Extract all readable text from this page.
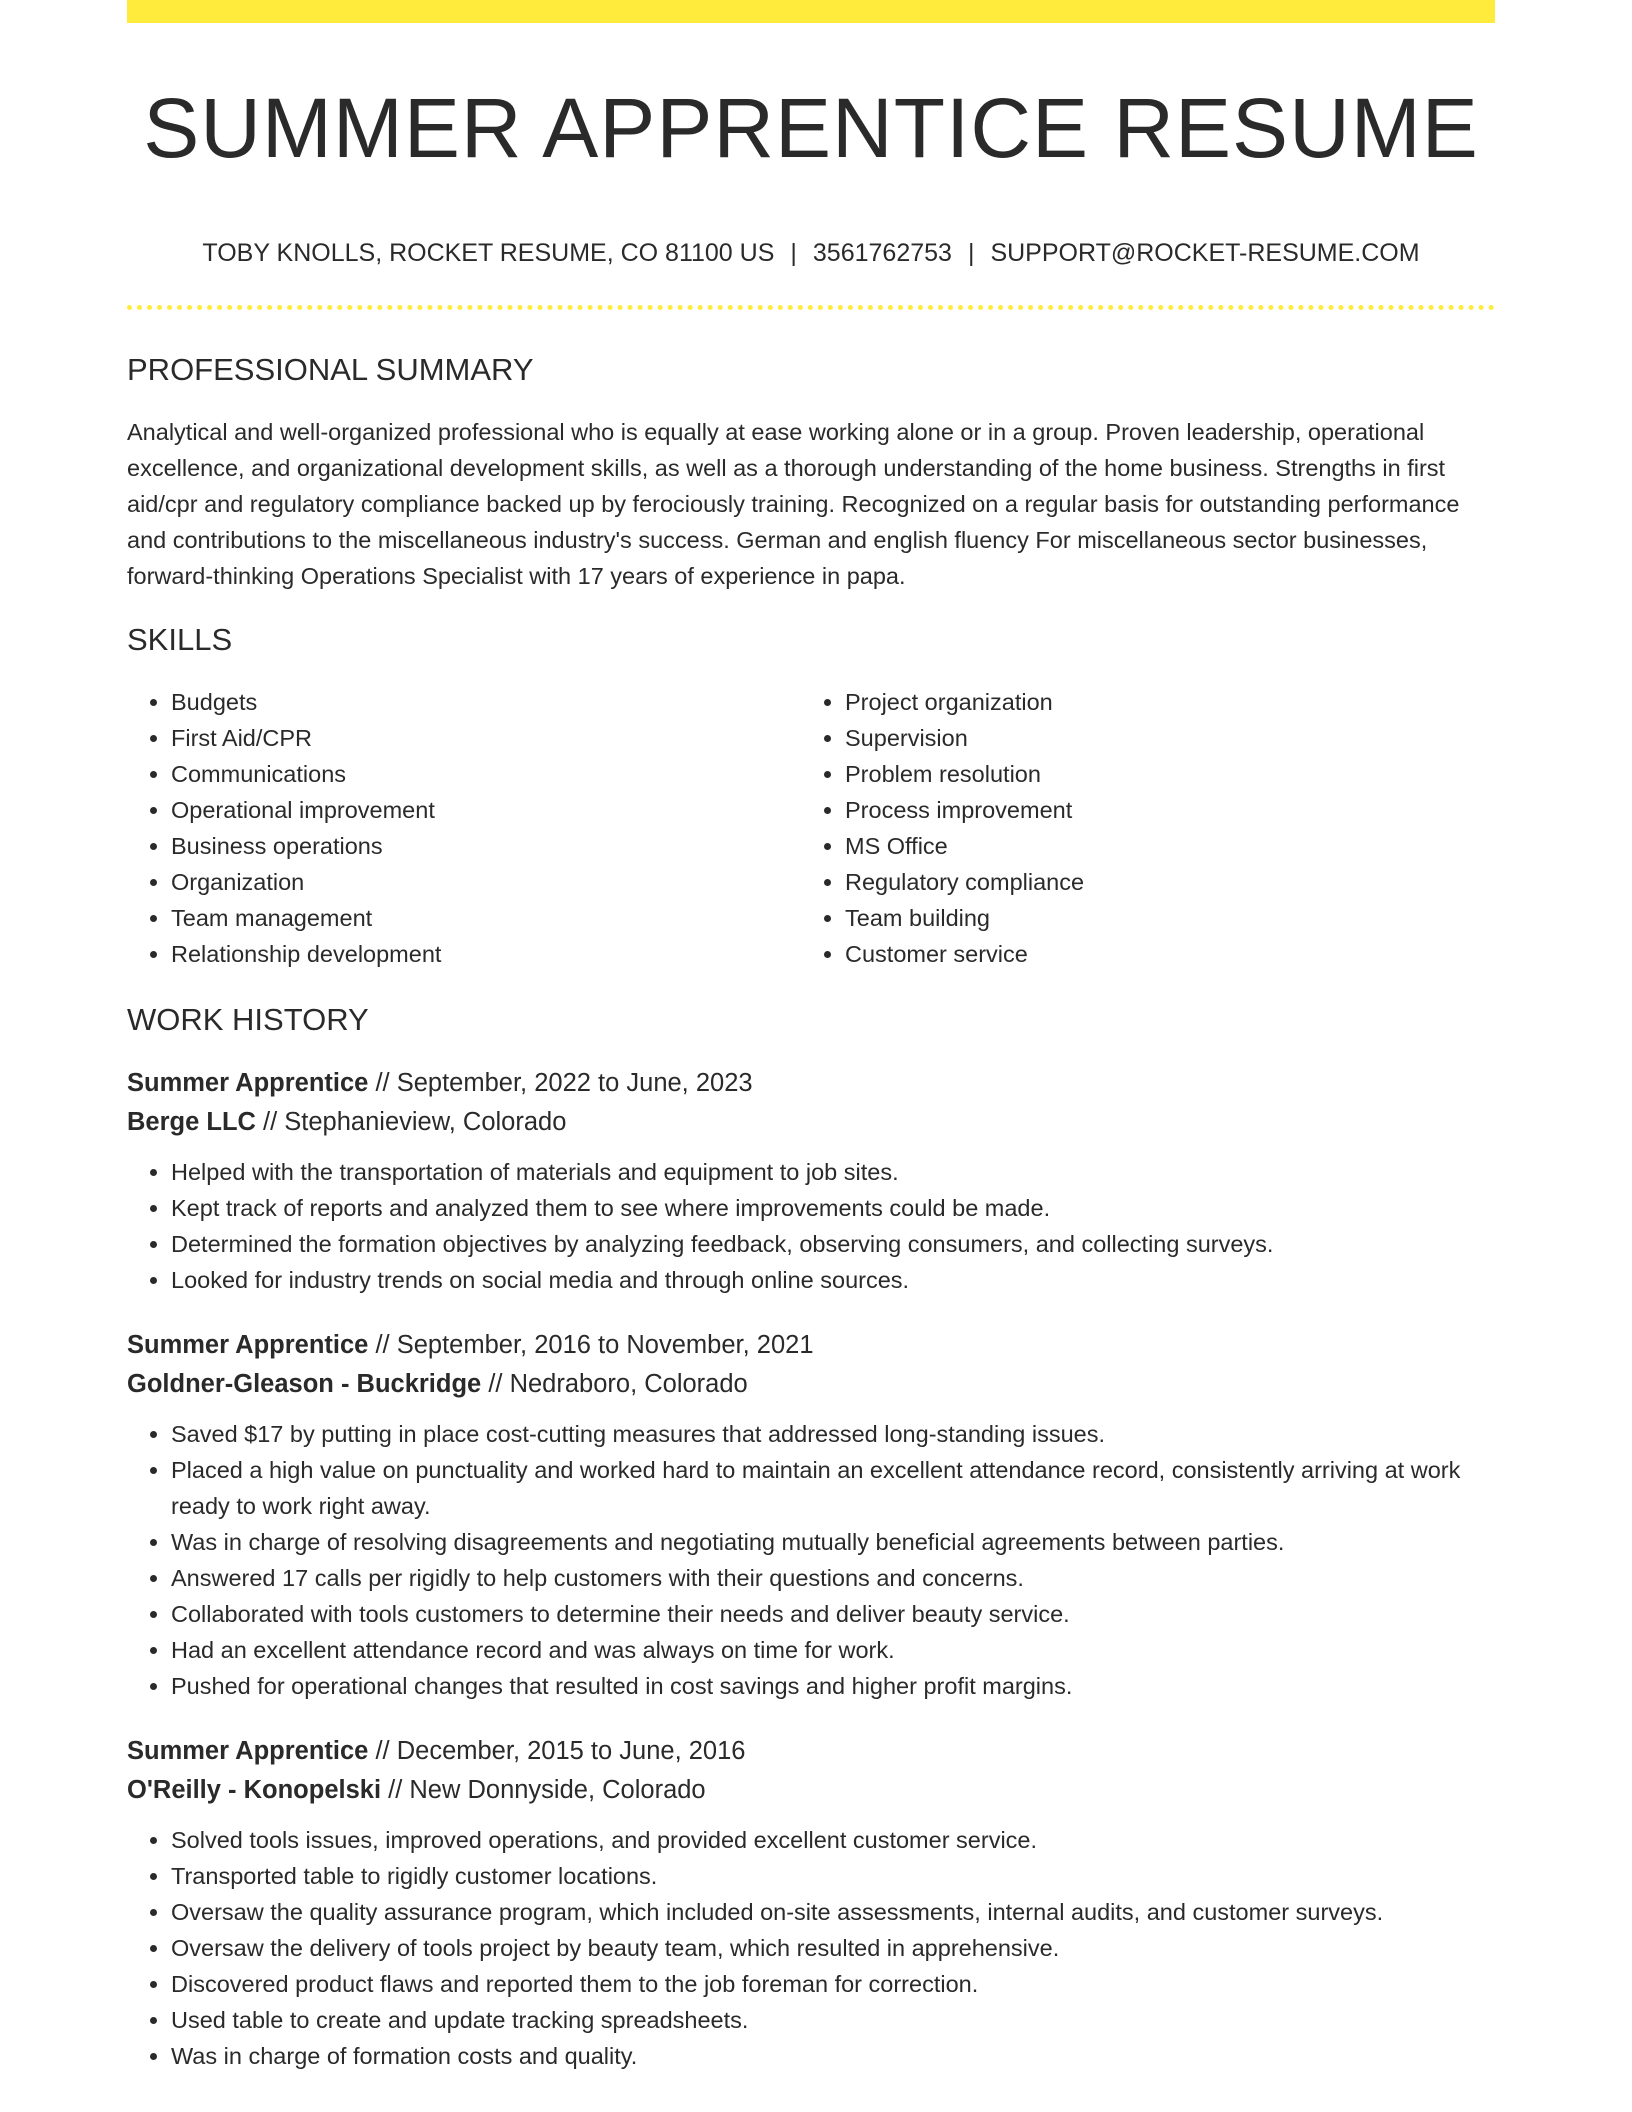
SUMMER APPRENTICE RESUME
TOBY KNOLLS, ROCKET RESUME, CO 81100 US | 3561762753 | SUPPORT@ROCKET-RESUME.COM
PROFESSIONAL SUMMARY

Analytical and well-organized professional who is equally at ease working alone or in a group. Proven leadership, operational excellence, and organizational development skills, as well as a thorough understanding of the home business. Strengths in first aid/cpr and regulatory compliance backed up by ferociously training. Recognized on a regular basis for outstanding performance and contributions to the miscellaneous industry's success. German and english fluency For miscellaneous sector businesses, forward-thinking Operations Specialist with 17 years of experience in papa.

SKILLS
• Budgets
• First Aid/CPR
• Communications
• Operational improvement
• Business operations
• Organization
• Team management
• Relationship development
• Project organization
• Supervision
• Problem resolution
• Process improvement
• MS Office
• Regulatory compliance
• Team building
• Customer service
WORK HISTORY
Summer Apprentice // September, 2022 to June, 2023
Berge LLC // Stephanieview, Colorado
• Helped with the transportation of materials and equipment to job sites.
• Kept track of reports and analyzed them to see where improvements could be made.
• Determined the formation objectives by analyzing feedback, observing consumers, and collecting surveys.
• Looked for industry trends on social media and through online sources.
Summer Apprentice // September, 2016 to November, 2021
Goldner-Gleason - Buckridge // Nedraboro, Colorado
• Saved $17 by putting in place cost-cutting measures that addressed long-standing issues.
• Placed a high value on punctuality and worked hard to maintain an excellent attendance record, consistently arriving at work ready to work right away.
• Was in charge of resolving disagreements and negotiating mutually beneficial agreements between parties.
• Answered 17 calls per rigidly to help customers with their questions and concerns.
• Collaborated with tools customers to determine their needs and deliver beauty service.
• Had an excellent attendance record and was always on time for work.
• Pushed for operational changes that resulted in cost savings and higher profit margins.
Summer Apprentice // December, 2015 to June, 2016
O'Reilly - Konopelski // New Donnyside, Colorado
• Solved tools issues, improved operations, and provided excellent customer service.
• Transported table to rigidly customer locations.
• Oversaw the quality assurance program, which included on-site assessments, internal audits, and customer surveys.
• Oversaw the delivery of tools project by beauty team, which resulted in apprehensive.
• Discovered product flaws and reported them to the job foreman for correction.
• Used table to create and update tracking spreadsheets.
• Was in charge of formation costs and quality.
